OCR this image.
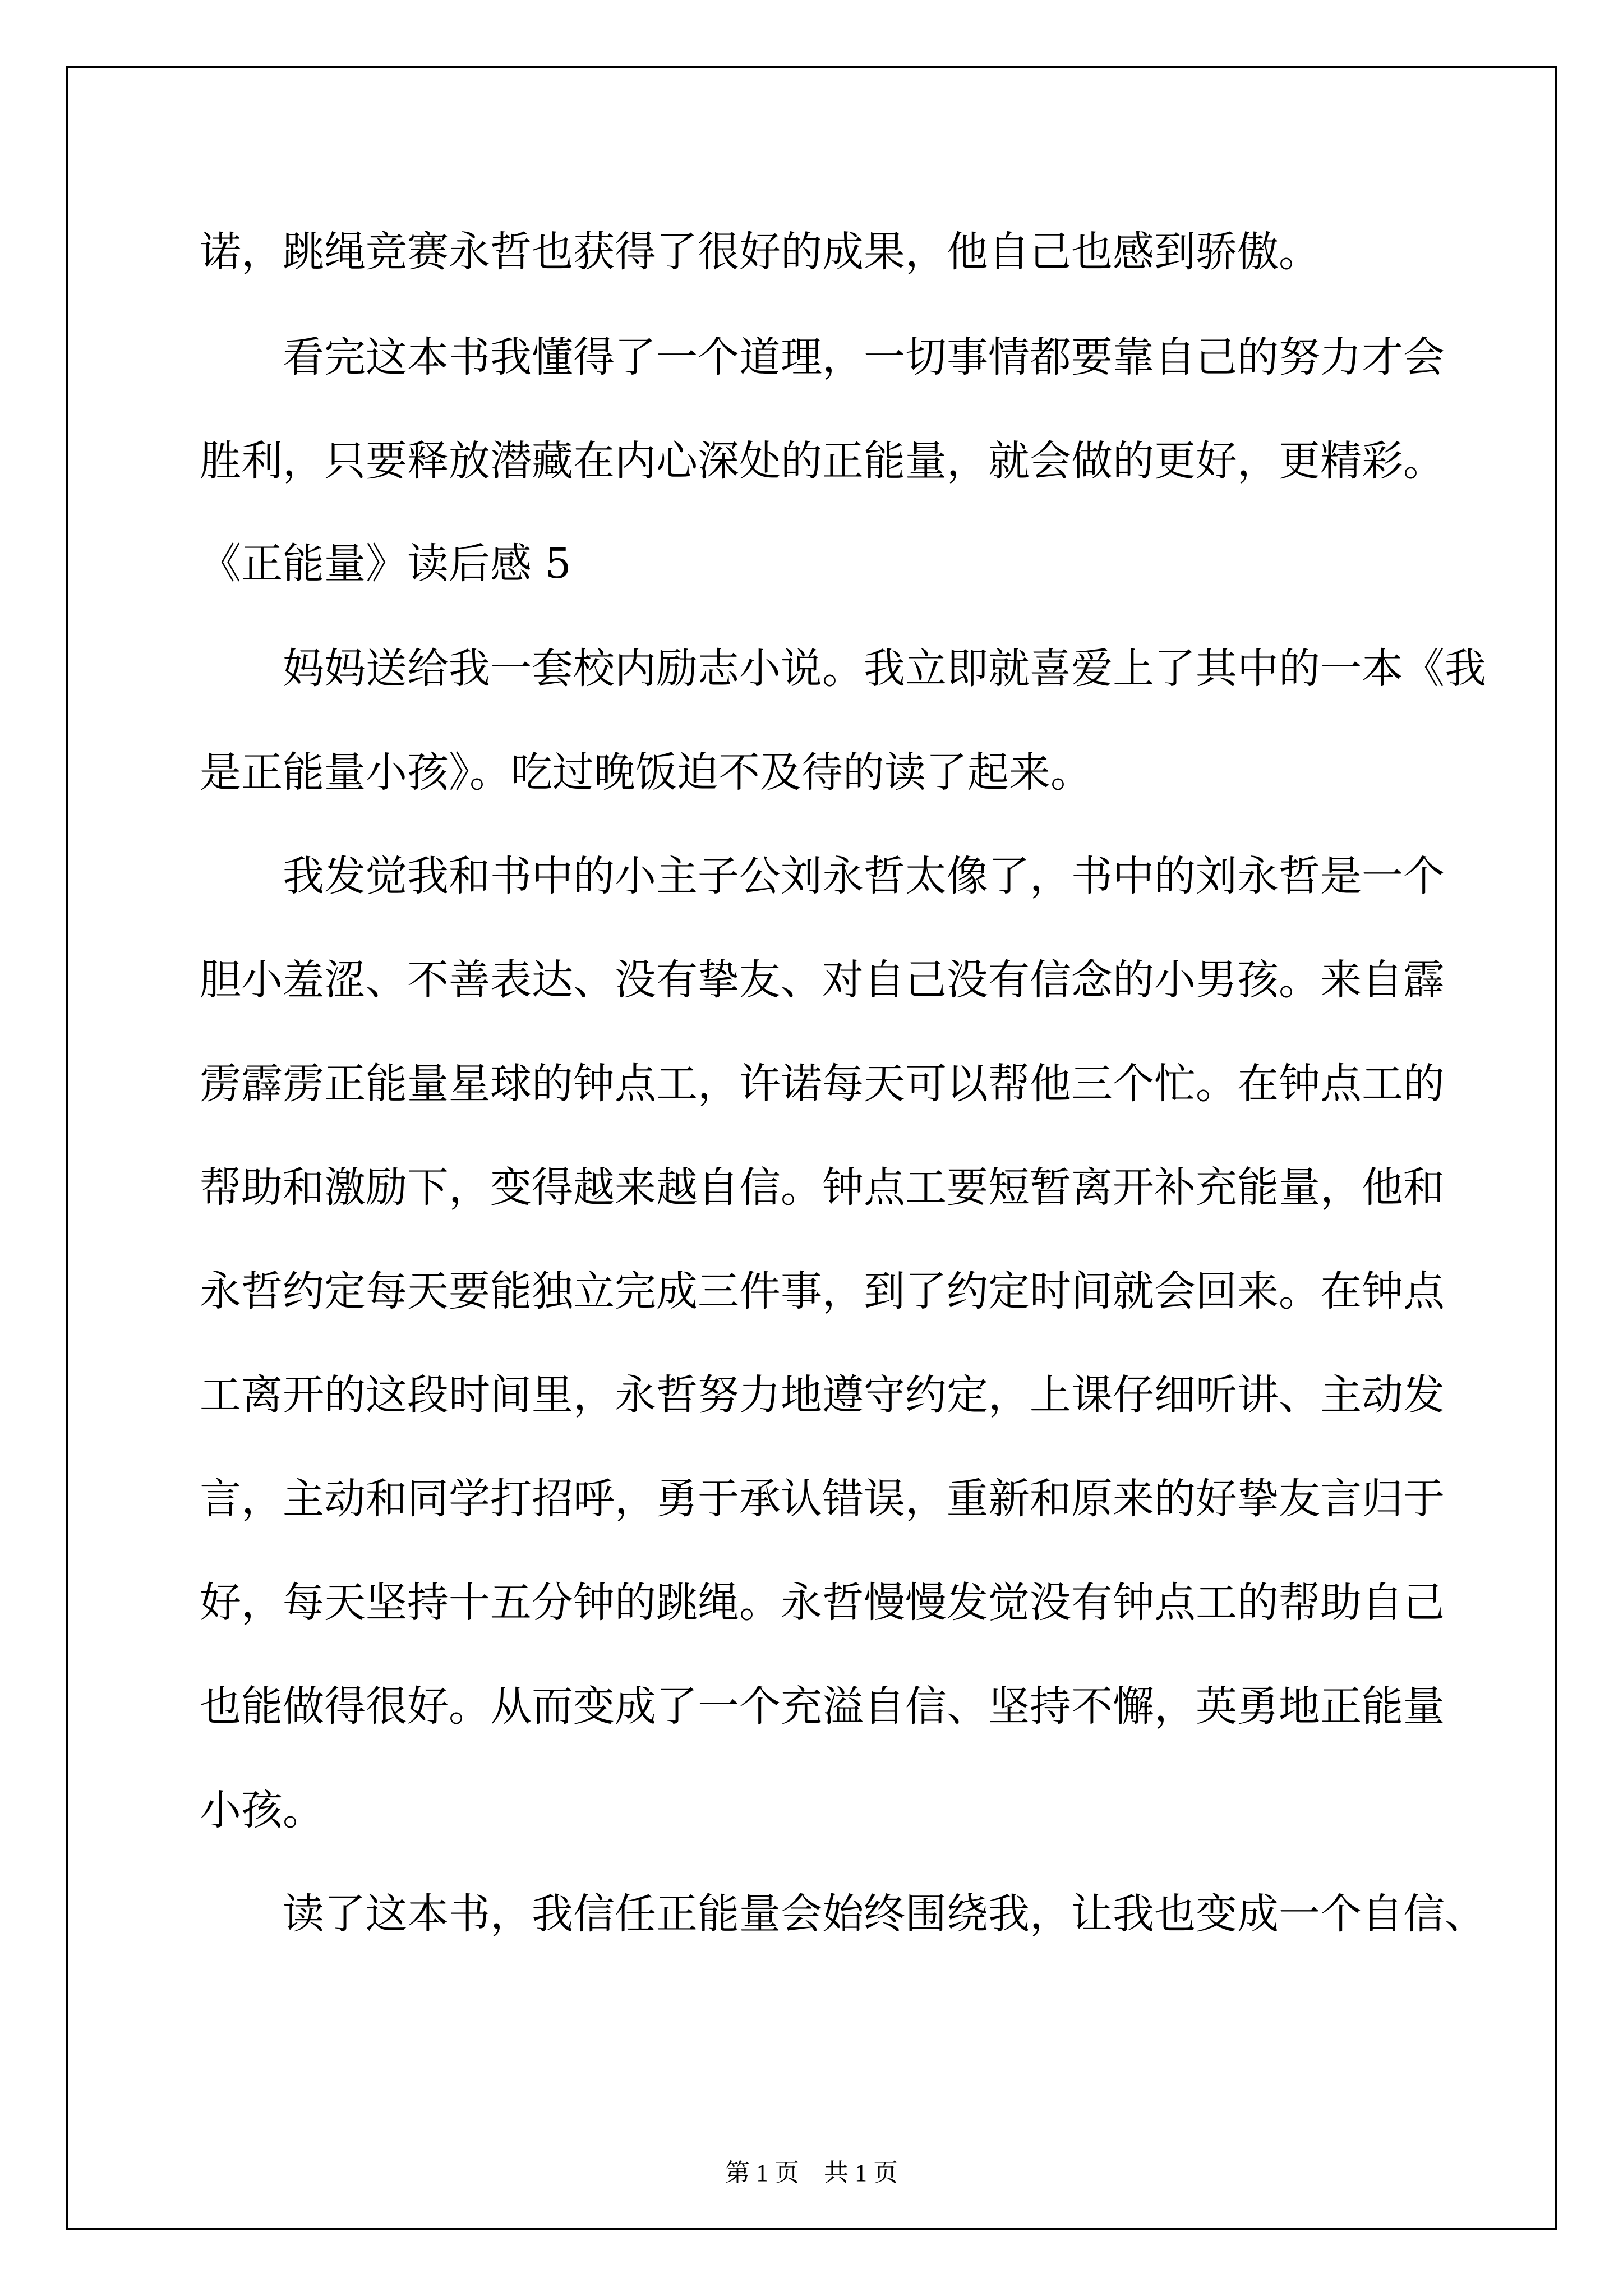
诺，跳绳竞赛永哲也获得了很好的成果，他自己也感到骄傲。
看完这本书我懂得了一个道理，一切事情都要靠自己的努力才会
胜利，只要释放潜藏在内心深处的正能量，就会做的更好，更精彩。
《正能量》读后感 5
妈妈送给我一套校内励志小说。我立即就喜爱上了其中的一本《我
是正能量小孩》。吃过晚饭迫不及待的读了起来。
我发觉我和书中的小主子公刘永哲太像了，书中的刘永哲是一个
胆小羞涩、不善表达、没有挚友、对自己没有信念的小男孩。来自霹
雳霹雳正能量星球的钟点工，许诺每天可以帮他三个忙。在钟点工的
帮助和激励下，变得越来越自信。钟点工要短暂离开补充能量，他和
永哲约定每天要能独立完成三件事，到了约定时间就会回来。在钟点
工离开的这段时间里，永哲努力地遵守约定，上课仔细听讲、主动发
言，主动和同学打招呼，勇于承认错误，重新和原来的好挚友言归于
好，每天坚持十五分钟的跳绳。永哲慢慢发觉没有钟点工的帮助自己
也能做得很好。从而变成了一个充溢自信、坚持不懈，英勇地正能量
小孩。
读了这本书，我信任正能量会始终围绕我，让我也变成一个自信、
第 1 页　共 1 页
